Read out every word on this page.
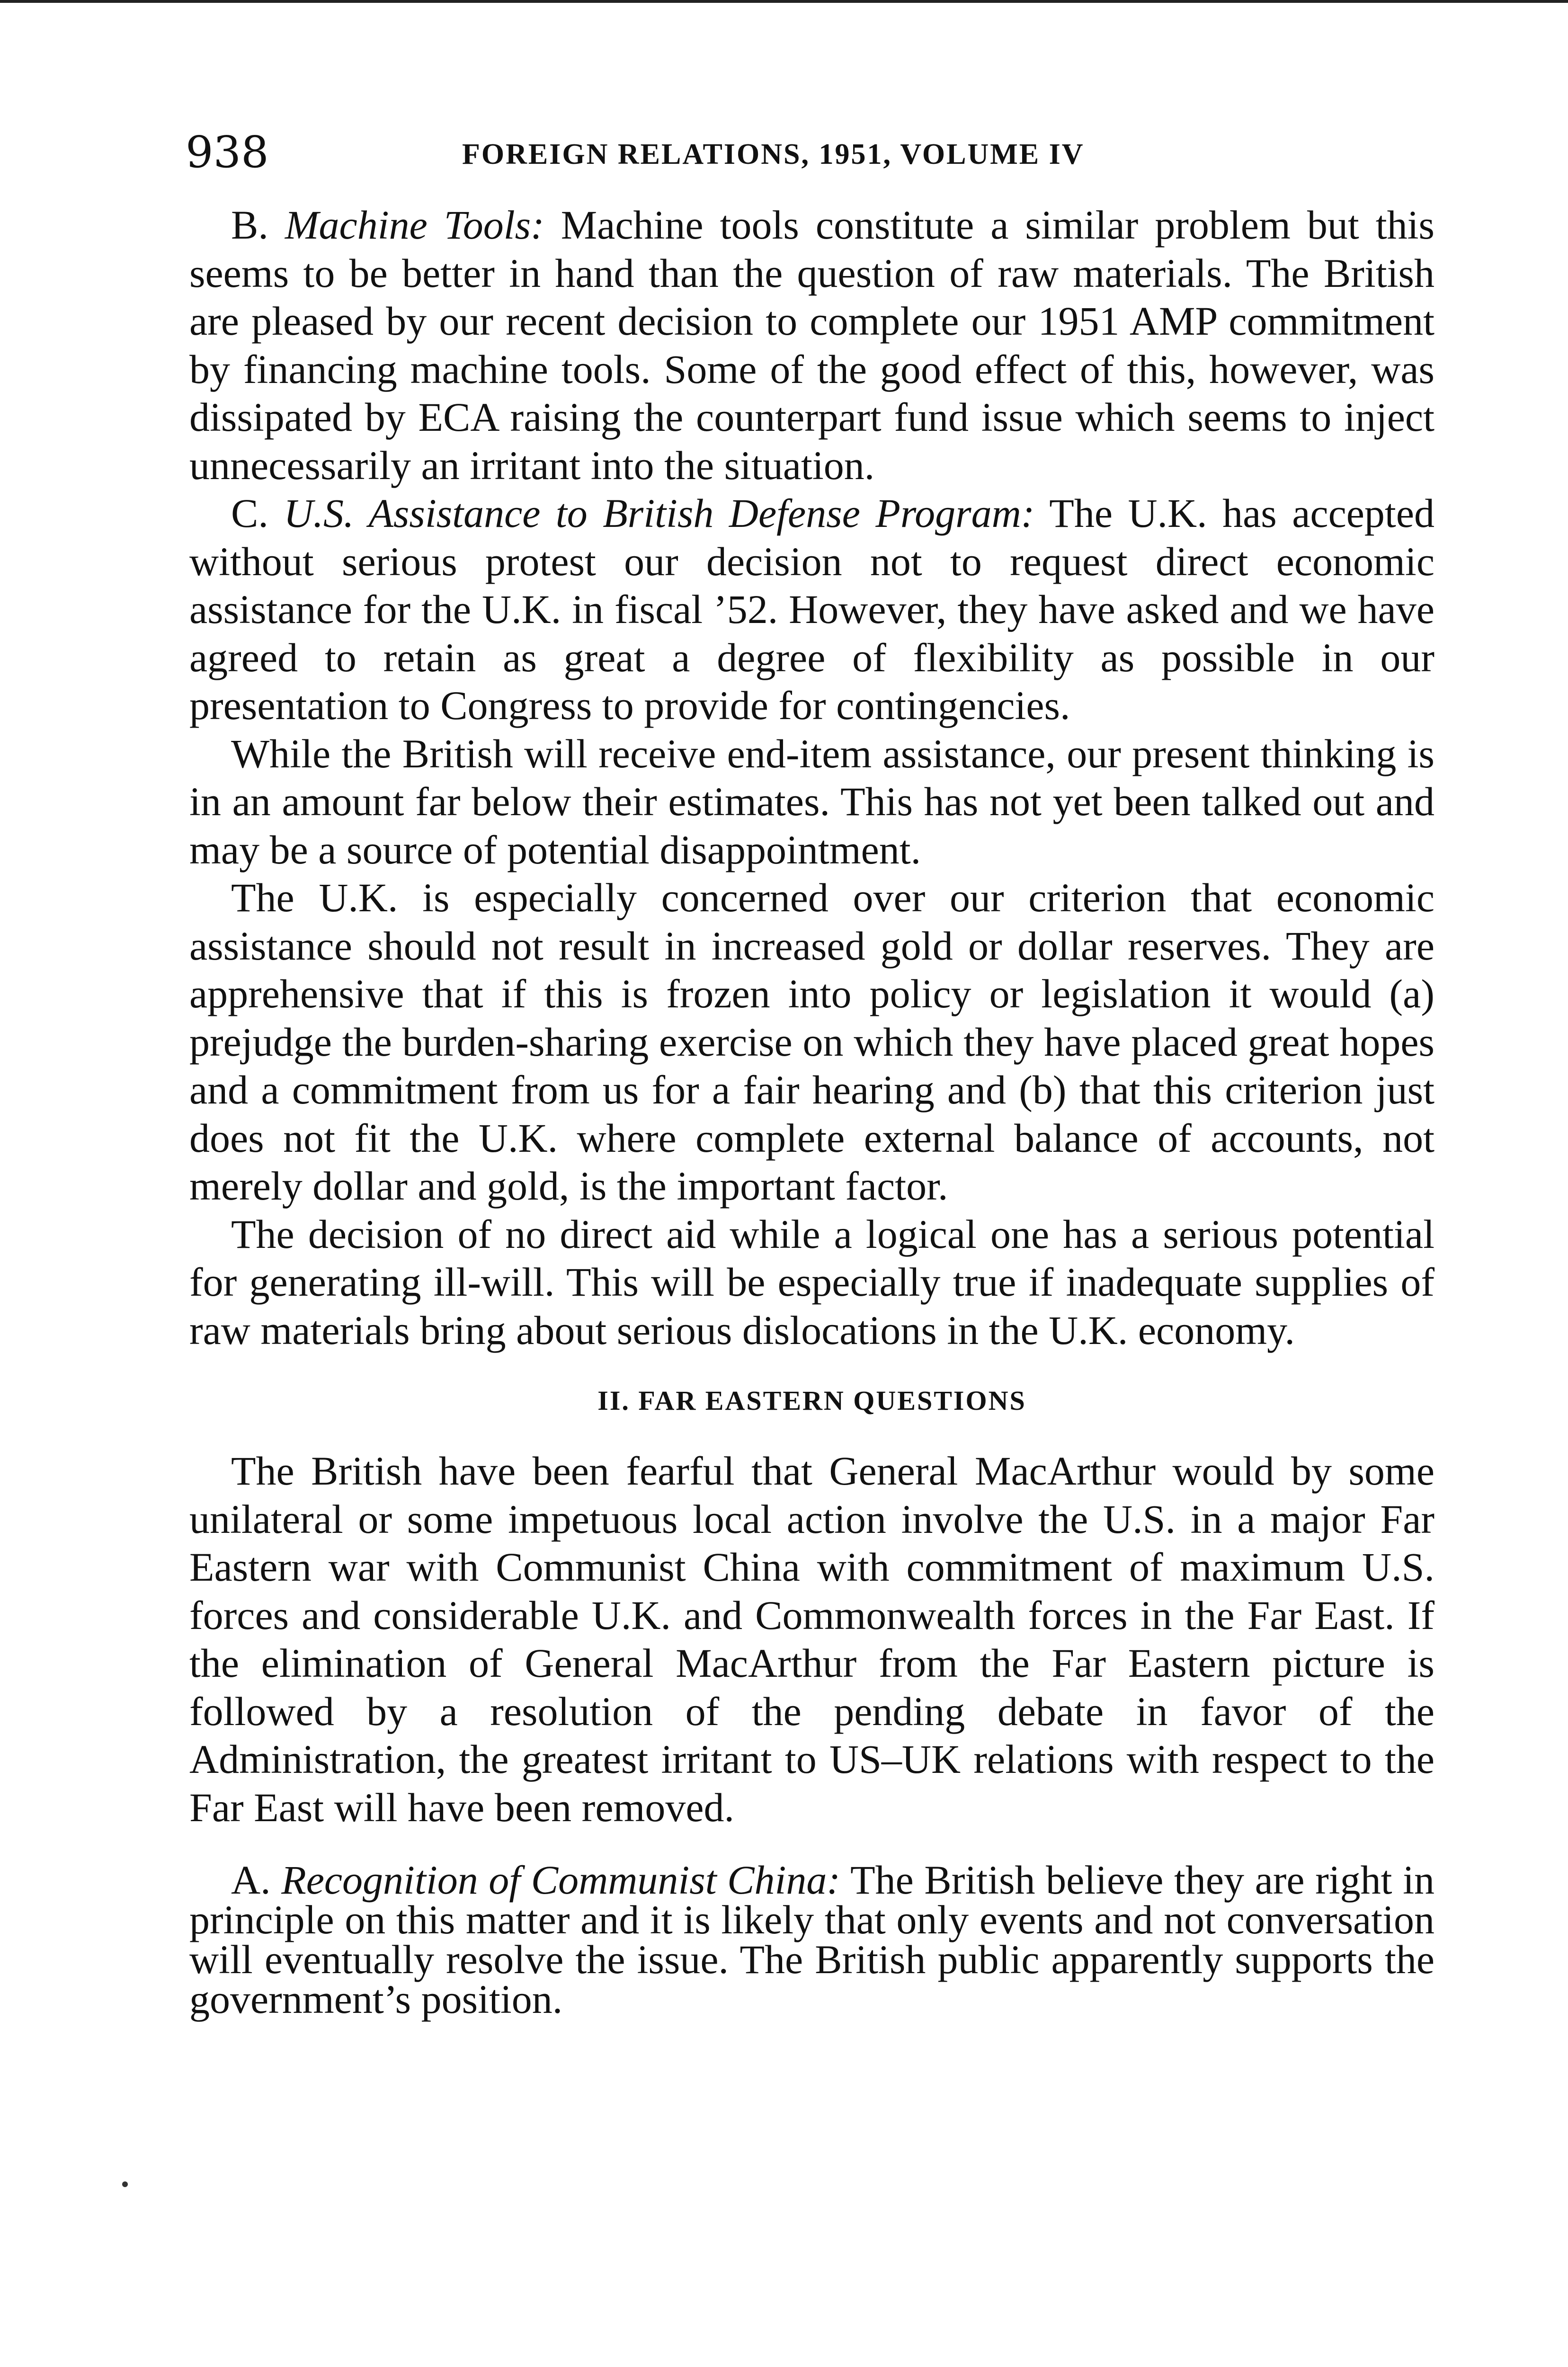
938	FOREIGN RELATIONS, 1951, VOLUME IV

B. Machine Tools: Machine tools constitute a similar problem but this seems to be better in hand than the question of raw materials. The British are pleased by our recent decision to complete our 1951 AMP commitment by financing machine tools. Some of the good effect of this, however, was dissipated by ECA raising the counterpart fund issue which seems to inject unnecessarily an irritant into the situation.

C. U.S. Assistance to British Defense Program: The U.K. has accepted without serious protest our decision not to request direct economic assistance for the U.K. in fiscal ’52. However, they have asked and we have agreed to retain as great a degree of flexibility as possible in our presentation to Congress to provide for contingencies.

While the British will receive end-item assistance, our present thinking is in an amount far below their estimates. This has not yet been talked out and may be a source of potential disappointment.

The U.K. is especially concerned over our criterion that economic assistance should not result in increased gold or dollar reserves. They are apprehensive that if this is frozen into policy or legislation it would (a) prejudge the burden-sharing exercise on which they have placed great hopes and a commitment from us for a fair hearing and (b) that this criterion just does not fit the U.K. where complete external balance of accounts, not merely dollar and gold, is the important factor.

The decision of no direct aid while a logical one has a serious potential for generating ill-will. This will be especially true if inadequate supplies of raw materials bring about serious dislocations in the U.K. economy.

II. FAR EASTERN QUESTIONS

The British have been fearful that General MacArthur would by some unilateral or some impetuous local action involve the U.S. in a major Far Eastern war with Communist China with commitment of maximum U.S. forces and considerable U.K. and Commonwealth forces in the Far East. If the elimination of General MacArthur from the Far Eastern picture is followed by a resolution of the pending debate in favor of the Administration, the greatest irritant to US–UK relations with respect to the Far East will have been removed.

A. Recognition of Communist China: The British believe they are right in principle on this matter and it is likely that only events and not conversation will eventually resolve the issue. The British public apparently supports the government’s position.
